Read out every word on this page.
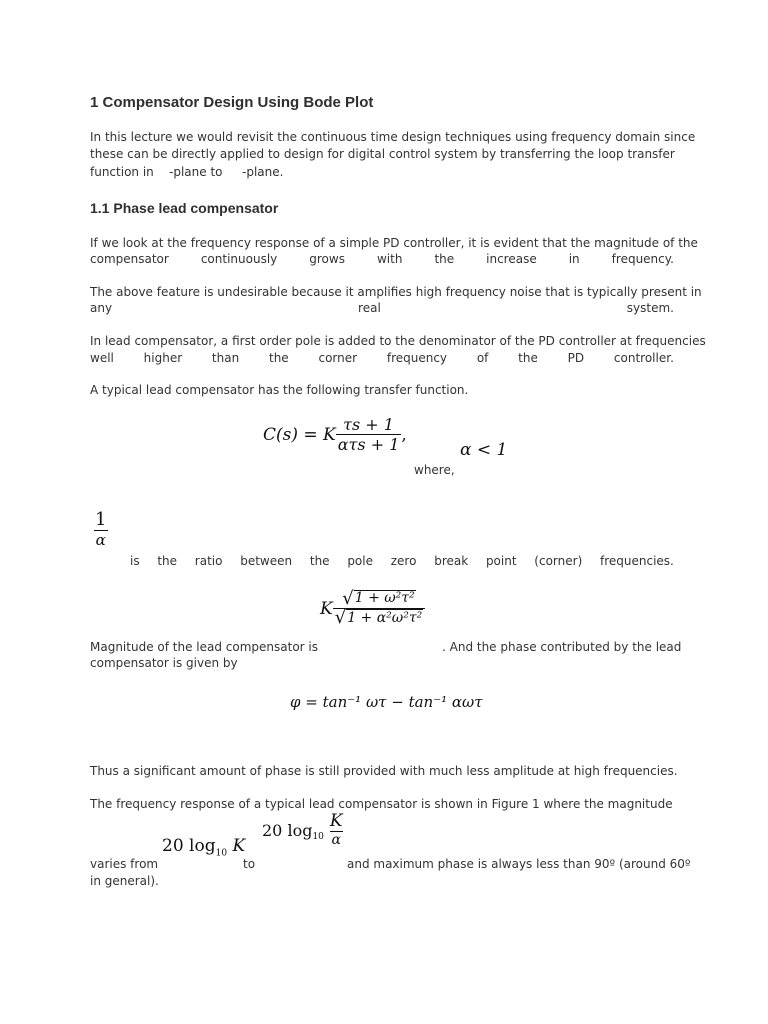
1 Compensator Design Using Bode Plot
In this lecture we would revisit the continuous time design techniques using frequency domain since
these can be directly applied to design for digital control system by transferring the loop transfer
function in -plane to -plane.
1.1 Phase lead compensator
If we look at the frequency response of a simple PD controller, it is evident that the magnitude of the
compensator	continuously	grows	with	the	increase	in	frequency.
The above feature is undesirable because it amplifies high frequency noise that is typically present in
any	real	system.
In lead compensator, a first order pole is added to the denominator of the PD controller at frequencies
well higher than the corner frequency of the PD controller.
A typical lead compensator has the following transfer function.
C(s) = K $\frac{\tau s + 1}{\text{ατs + 1}}$ ,
α < 1
where,
$\frac{1}{\alpha}$
is the ratio between the pole zero break point (corner) frequencies.
K $\frac{\text{√ 1 + ω²τ²}}{\text{√ 1 + α²ω²τ²}}$
Magnitude of the lead compensator is	. And the phase contributed by the lead
compensator is given by
φ = tan⁻¹ ωτ − tan⁻¹ αωτ
Thus a significant amount of phase is still provided with much less amplitude at high frequencies.
The frequency response of a typical lead compensator is shown in Figure 1 where the magnitude
20 $\log_{10} K$
20 $\log_{10} \frac{K}{\alpha}$
varies from	to	and maximum phase is always less than 90º (around 60º
in general).
